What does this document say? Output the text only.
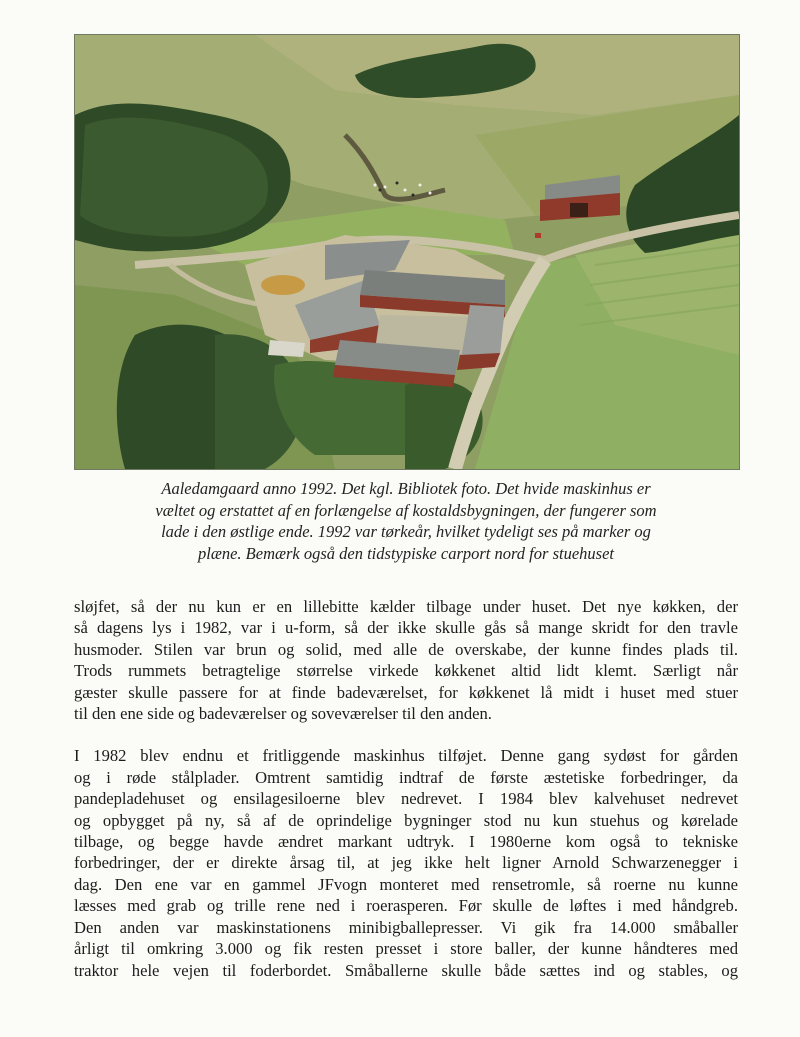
Aaledamgaard anno 1992. Det kgl. Bibliotek foto. Det hvide maskinhus er
væltet og erstattet af en forlængelse af kostaldsbygningen, der fungerer som
lade i den østlige ende. 1992 var tørkeår, hvilket tydeligt ses på marker og
plæne. Bemærk også den tidstypiske carport nord for stuehuset
sløjfet, så der nu kun er en lillebitte kælder tilbage under huset. Det nye køkken, der
så dagens lys i 1982, var i u-form, så der ikke skulle gås så mange skridt for den travle
husmoder. Stilen var brun og solid, med alle de overskabe, der kunne findes plads til.
Trods rummets betragtelige størrelse virkede køkkenet altid lidt klemt. Særligt når
gæster skulle passere for at finde badeværelset, for køkkenet lå midt i huset med stuer
til den ene side og badeværelser og soveværelser til den anden.
I 1982 blev endnu et fritliggende maskinhus tilføjet. Denne gang sydøst for gården
og i røde stålplader. Omtrent samtidig indtraf de første æstetiske forbedringer, da
pandepladehuset og ensilagesiloerne blev nedrevet. I 1984 blev kalvehuset nedrevet
og opbygget på ny, så af de oprindelige bygninger stod nu kun stuehus og kørelade
tilbage, og begge havde ændret markant udtryk. I 1980erne kom også to tekniske
forbedringer, der er direkte årsag til, at jeg ikke helt ligner Arnold Schwarzenegger i
dag. Den ene var en gammel JFvogn monteret med rensetromle, så roerne nu kunne
læsses med grab og trille rene ned i roerasperen. Før skulle de løftes i med håndgreb.
Den anden var maskinstationens minibigballepresser. Vi gik fra 14.000 småballer
årligt til omkring 3.000 og fik resten presset i store baller, der kunne håndteres med
traktor hele vejen til foderbordet. Småballerne skulle både sættes ind og stables, og
